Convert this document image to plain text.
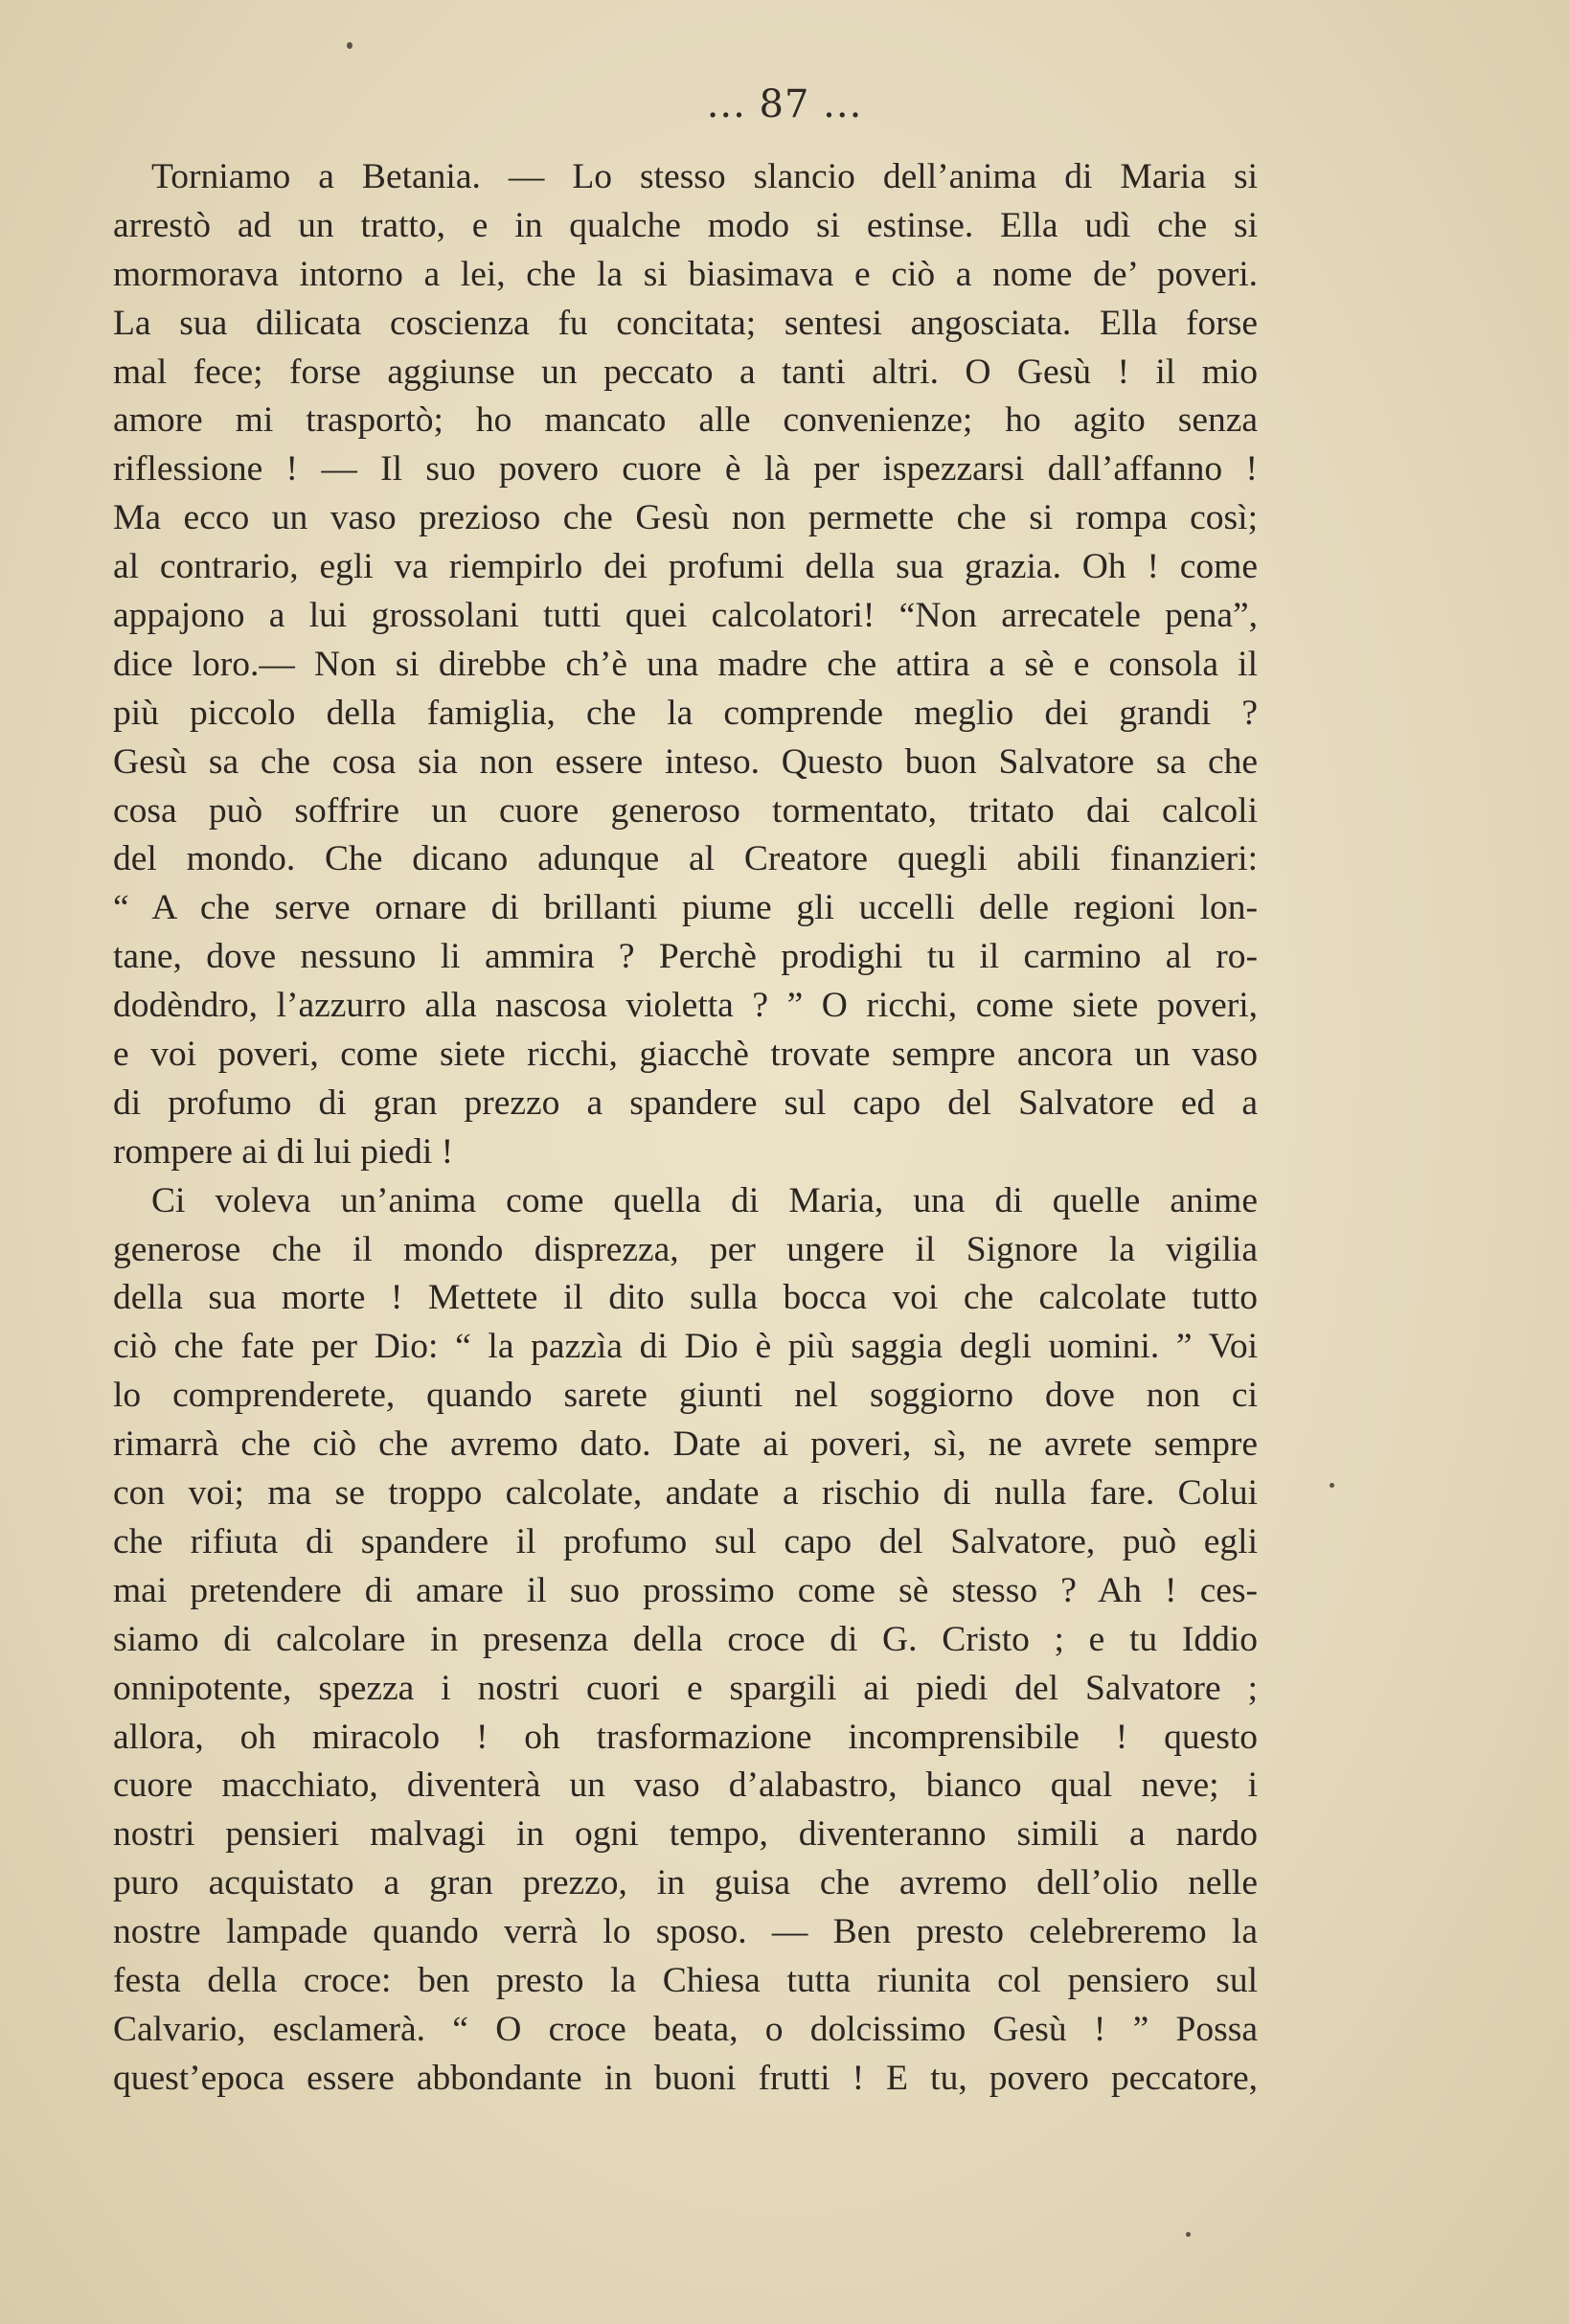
... 87 ...
Torniamo a Betania. — Lo stesso slancio dell’anima di Maria si
arrestò ad un tratto, e in qualche modo si estinse. Ella udì che si
mormorava intorno a lei, che la si biasimava e ciò a nome de’ poveri.
La sua dilicata coscienza fu concitata; sentesi angosciata. Ella forse
mal fece; forse aggiunse un peccato a tanti altri. O Gesù ! il mio
amore mi trasportò; ho mancato alle convenienze; ho agito senza
riflessione ! — Il suo povero cuore è là per ispezzarsi dall’affanno !
Ma ecco un vaso prezioso che Gesù non permette che si rompa così;
al contrario, egli va riempirlo dei profumi della sua grazia. Oh ! come
appajono a lui grossolani tutti quei calcolatori! “Non arrecatele pena”,
dice loro.— Non si direbbe ch’è una madre che attira a sè e consola il
più piccolo della famiglia, che la comprende meglio dei grandi ?
Gesù sa che cosa sia non essere inteso. Questo buon Salvatore sa che
cosa può soffrire un cuore generoso tormentato, tritato dai calcoli
del mondo. Che dicano adunque al Creatore quegli abili finanzieri:
“ A che serve ornare di brillanti piume gli uccelli delle regioni lon-
tane, dove nessuno li ammira ? Perchè prodighi tu il carmino al ro-
dodèndro, l’azzurro alla nascosa violetta ? ” O ricchi, come siete poveri,
e voi poveri, come siete ricchi, giacchè trovate sempre ancora un vaso
di profumo di gran prezzo a spandere sul capo del Salvatore ed a
rompere ai di lui piedi !
Ci voleva un’anima come quella di Maria, una di quelle anime
generose che il mondo disprezza, per ungere il Signore la vigilia
della sua morte ! Mettete il dito sulla bocca voi che calcolate tutto
ciò che fate per Dio: “ la pazzìa di Dio è più saggia degli uomini. ” Voi
lo comprenderete, quando sarete giunti nel soggiorno dove non ci
rimarrà che ciò che avremo dato. Date ai poveri, sì, ne avrete sempre
con voi; ma se troppo calcolate, andate a rischio di nulla fare. Colui
che rifiuta di spandere il profumo sul capo del Salvatore, può egli
mai pretendere di amare il suo prossimo come sè stesso ? Ah ! ces-
siamo di calcolare in presenza della croce di G. Cristo ; e tu Iddio
onnipotente, spezza i nostri cuori e spargili ai piedi del Salvatore ;
allora, oh miracolo ! oh trasformazione incomprensibile ! questo
cuore macchiato, diventerà un vaso d’alabastro, bianco qual neve; i
nostri pensieri malvagi in ogni tempo, diventeranno simili a nardo
puro acquistato a gran prezzo, in guisa che avremo dell’olio nelle
nostre lampade quando verrà lo sposo. — Ben presto celebreremo la
festa della croce: ben presto la Chiesa tutta riunita col pensiero sul
Calvario, esclamerà. “ O croce beata, o dolcissimo Gesù ! ” Possa
quest’epoca essere abbondante in buoni frutti ! E tu, povero peccatore,
